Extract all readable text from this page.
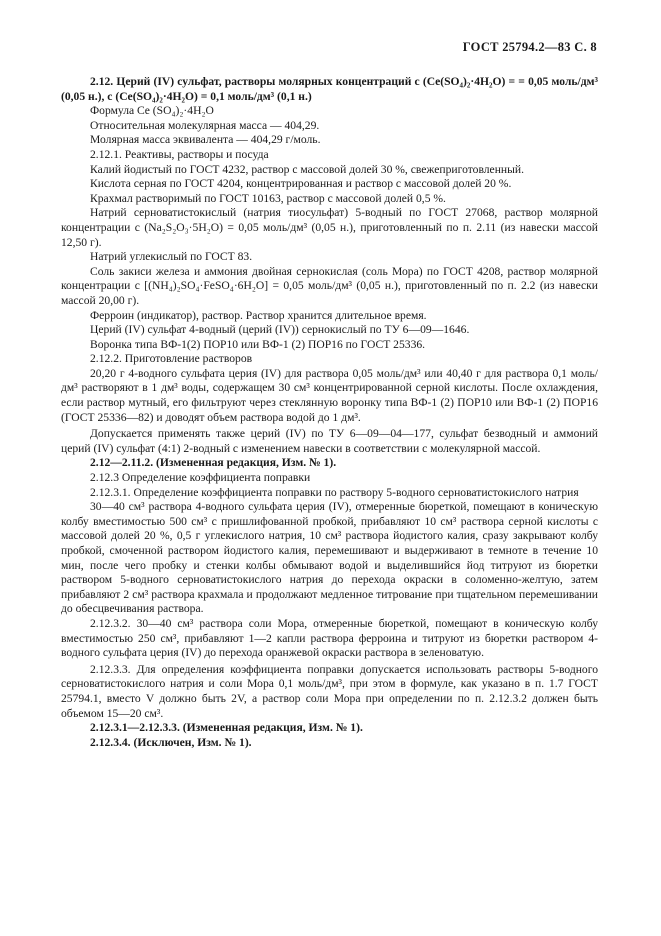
ГОСТ 25794.2—83 С. 8

2.12. Церий (IV) сульфат, растворы молярных концентраций c (Ce(SO₄)₂·4H₂O) = = 0,05 моль/дм³ (0,05 н.), c (Ce(SO₄)₂·4H₂O) = 0,1 моль/дм³ (0,1 н.)

Формула Ce (SO₄)₂·4H₂O

Относительная молекулярная масса — 404,29.

Молярная масса эквивалента — 404,29 г/моль.

2.12.1. Реактивы, растворы и посуда

Калий йодистый по ГОСТ 4232, раствор с массовой долей 30 %, свежеприготовленный.

Кислота серная по ГОСТ 4204, концентрированная и раствор с массовой долей 20 %.

Крахмал растворимый по ГОСТ 10163, раствор с массовой долей 0,5 %.

Натрий серноватистокислый (натрия тиосульфат) 5-водный по ГОСТ 27068, раствор молярной концентрации c (Na₂S₂O₃·5H₂O) = 0,05 моль/дм³ (0,05 н.), приготовленный по п. 2.11 (из навески массой 12,50 г).

Натрий углекислый по ГОСТ 83.

Соль закиси железа и аммония двойная сернокислая (соль Мора) по ГОСТ 4208, раствор молярной концентрации c [(NH₄)₂SO₄·FeSO₄·6H₂O] = 0,05 моль/дм³ (0,05 н.), приготовленный по п. 2.2 (из навески массой 20,00 г).

Ферроин (индикатор), раствор. Раствор хранится длительное время.

Церий (IV) сульфат 4-водный (церий (IV)) сернокислый по ТУ 6—09—1646.

Воронка типа ВФ-1(2) ПОР10 или ВФ-1 (2) ПОР16 по ГОСТ 25336.

2.12.2. Приготовление растворов

20,20 г 4-водного сульфата церия (IV) для раствора 0,05 моль/дм³ или 40,40 г для раствора 0,1 моль/дм³ растворяют в 1 дм³ воды, содержащем 30 см³ концентрированной серной кислоты. После охлаждения, если раствор мутный, его фильтруют через стеклянную воронку типа ВФ-1 (2) ПОР10 или ВФ-1 (2) ПОР16 (ГОСТ 25336—82) и доводят объем раствора водой до 1 дм³.

Допускается применять также церий (IV) по ТУ 6—09—04—177, сульфат безводный и аммоний церий (IV) сульфат (4:1) 2-водный с изменением навески в соответствии с молекулярной массой.

2.12—2.11.2. (Измененная редакция, Изм. № 1).

2.12.3 Определение коэффициента поправки

2.12.3.1. Определение коэффициента поправки по раствору 5-водного серноватистокислого натрия

30—40 см³ раствора 4-водного сульфата церия (IV), отмеренные бюреткой, помещают в коническую колбу вместимостью 500 см³ с пришлифованной пробкой, прибавляют 10 см³ раствора серной кислоты с массовой долей 20 %, 0,5 г углекислого натрия, 10 см³ раствора йодистого калия, сразу закрывают колбу пробкой, смоченной раствором йодистого калия, перемешивают и выдерживают в темноте в течение 10 мин, после чего пробку и стенки колбы обмывают водой и выделившийся йод титруют из бюретки раствором 5-водного серноватистокислого натрия до перехода окраски в соломенно-желтую, затем прибавляют 2 см³ раствора крахмала и продолжают медленное титрование при тщательном перемешивании до обесцвечивания раствора.

2.12.3.2. 30—40 см³ раствора соли Мора, отмеренные бюреткой, помещают в коническую колбу вместимостью 250 см³, прибавляют 1—2 капли раствора ферроина и титруют из бюретки раствором 4-водного сульфата церия (IV) до перехода оранжевой окраски раствора в зеленоватую.

2.12.3.3. Для определения коэффициента поправки допускается использовать растворы 5-водного серноватистокислого натрия и соли Мора 0,1 моль/дм³, при этом в формуле, как указано в п. 1.7 ГОСТ 25794.1, вместо V должно быть 2V, а раствор соли Мора при определении по п. 2.12.3.2 должен быть объемом 15—20 см³.

2.12.3.1—2.12.3.3. (Измененная редакция, Изм. № 1).

2.12.3.4. (Исключен, Изм. № 1).
